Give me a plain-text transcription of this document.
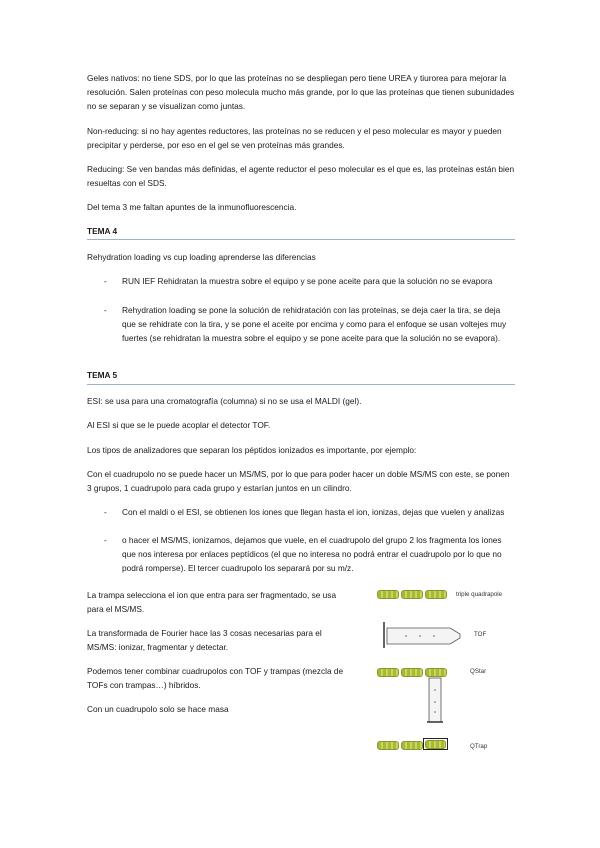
Geles nativos: no tiene SDS, por lo que las proteínas no se despliegan pero tiene UREA y tiurorea para mejorar la resolución. Salen proteínas con peso molecula mucho más grande, por lo que las proteínas que tienen subunidades no se separan y se visualizan como juntas.

Non-reducing: si no hay agentes reductores, las proteínas no se reducen y el peso molecular es mayor y pueden precipitar y perderse, por eso en el gel se ven proteínas más grandes.

Reducing: Se ven bandas más definidas, el agente reductor el peso molecular es el que es, las proteínas están bien resueltas con el SDS.

Del tema 3 me faltan apuntes de la inmunofluorescencia.

TEMA 4

Rehydration loading vs cup loading aprenderse las diferencias

- RUN IEF Rehidratan la muestra sobre el equipo y se pone aceite para que la solución no se evapora

- Rehydration loading se pone la solución de rehidratación con las proteínas, se deja caer la tira, se deja que se rehidrate con la tira, y se pone el aceite por encima y como para el enfoque se usan voltejes muy fuertes (se rehidratan la muestra sobre el equipo y se pone aceite para que la solución no se evapora).

TEMA 5

ESI: se usa para una cromatografía (columna) si no se usa el MALDI (gel).

Al ESI si que se le puede acoplar el detector TOF.

Los tipos de analizadores que separan los péptidos ionizados es importante, por ejemplo:

Con el cuadrupolo no se puede hacer un MS/MS, por lo que para poder hacer un doble MS/MS con este, se ponen 3 grupos, 1 cuadrupolo para cada grupo y estarían juntos en un cilindro.

- Con el maldi o el ESI, se obtienen los iones que llegan hasta el ion, ionizas, dejas que vuelen y analizas

- o hacer el MS/MS, ionizamos, dejamos que vuele, en el cuadrupolo del grupo 2 los fragmenta los iones que nos interesa por enlaces peptídicos (el que no interesa no podrá entrar el cuadrupolo por lo que no podrá romperse). El tercer cuadrupolo los separará por su m/z.

La trampa selecciona el ion que entra para ser fragmentado, se usa para el MS/MS.

La transformada de Fourier hace las 3 cosas necesarias para el MS/MS: ionizar, fragmentar y detectar.

Podemos tener combinar cuadrupolos con TOF y trampas (mezcla de TOFs con trampas…) híbridos.

Con un cuadrupolo solo se hace masa

triple quadrapole
TOF
QStar
QTrap
